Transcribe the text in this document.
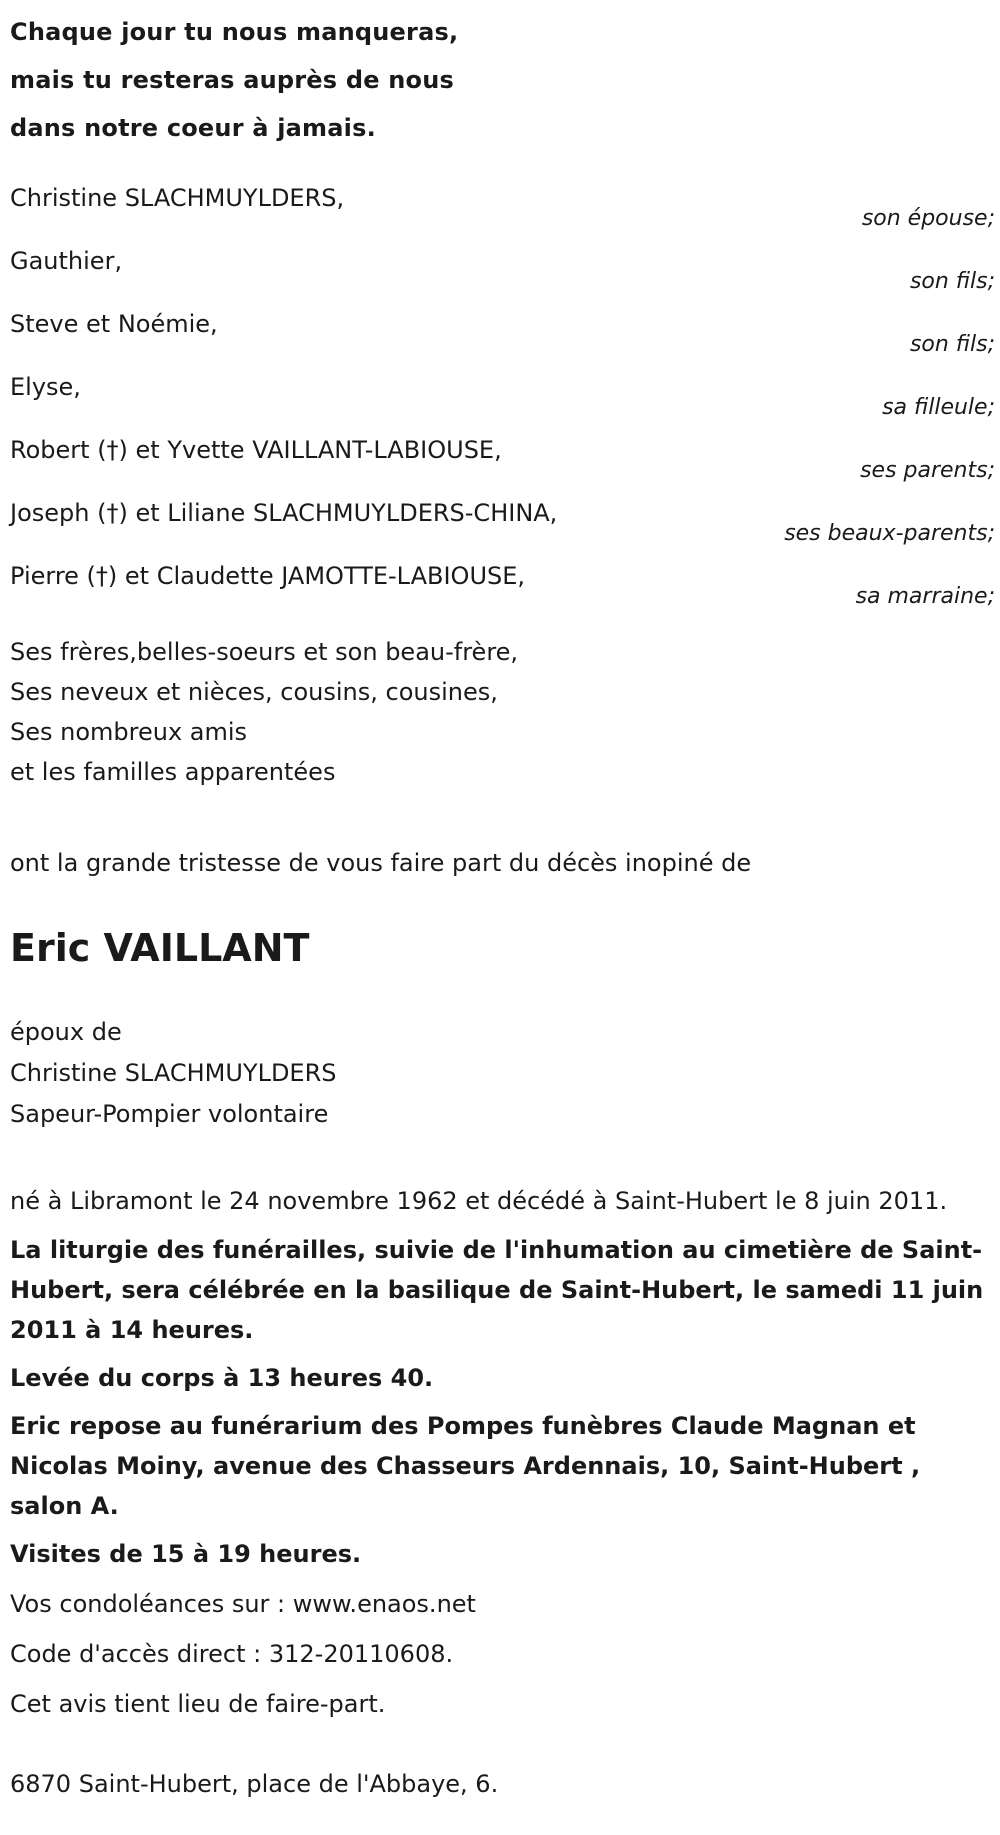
Chaque jour tu nous manqueras,
mais tu resteras auprès de nous
dans notre coeur à jamais.
Christine SLACHMUYLDERS,
son épouse;
Gauthier,
son fils;
Steve et Noémie,
son fils;
Elyse,
sa filleule;
Robert (†) et Yvette VAILLANT-LABIOUSE,
ses parents;
Joseph (†) et Liliane SLACHMUYLDERS-CHINA,
ses beaux-parents;
Pierre (†) et Claudette JAMOTTE-LABIOUSE,
sa marraine;
Ses frères,belles-soeurs et son beau-frère,
Ses neveux et nièces, cousins, cousines,
Ses nombreux amis
et les familles apparentées
ont la grande tristesse de vous faire part du décès inopiné de
Eric VAILLANT
époux de
Christine SLACHMUYLDERS
Sapeur-Pompier volontaire
né à Libramont le 24 novembre 1962 et décédé à Saint-Hubert le 8 juin 2011.
La liturgie des funérailles, suivie de l'inhumation au cimetière de Saint-Hubert, sera célébrée en la basilique de Saint-Hubert, le samedi 11 juin 2011 à 14 heures.
Levée du corps à 13 heures 40.
Eric repose au funérarium des Pompes funèbres Claude Magnan et Nicolas Moiny, avenue des Chasseurs Ardennais, 10, Saint-Hubert , salon A.
Visites de 15 à 19 heures.
Vos condoléances sur : www.enaos.net
Code d'accès direct : 312-20110608.
Cet avis tient lieu de faire-part.
6870 Saint-Hubert, place de l'Abbaye, 6.
